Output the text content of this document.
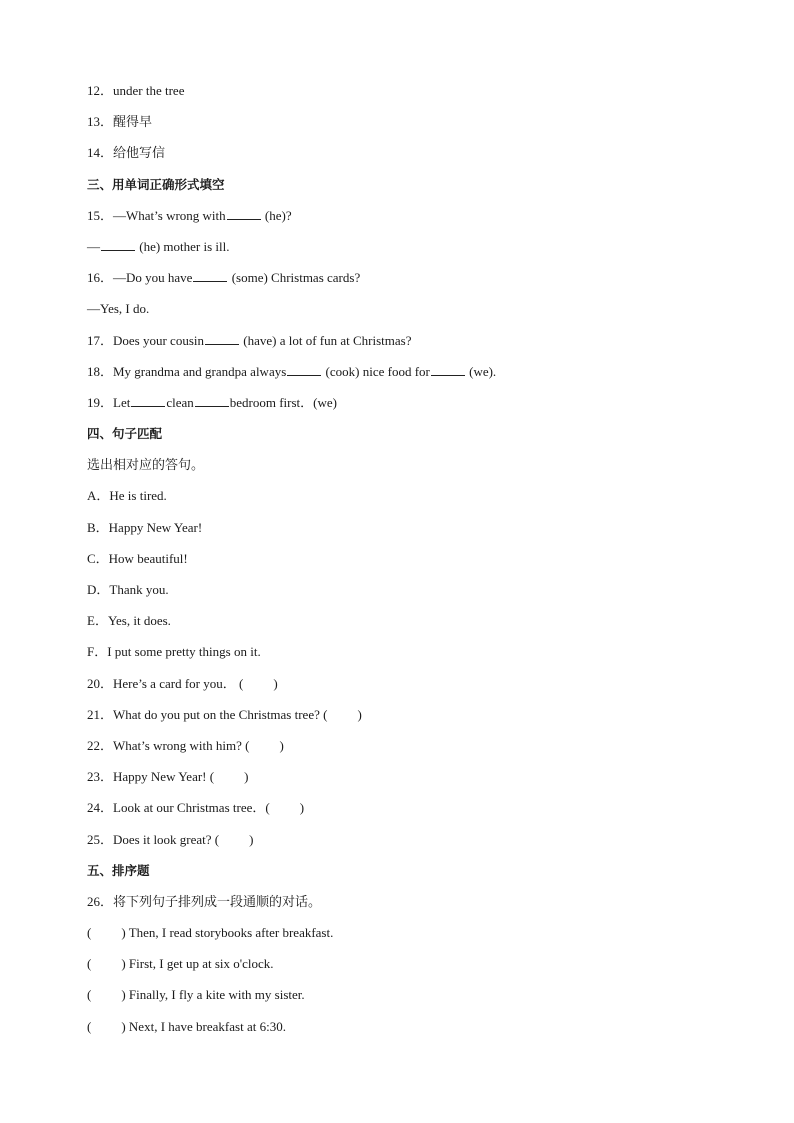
12．under the tree
13．醒得早
14．给他写信
三、用单词正确形式填空
15．—What’s wrong with	(he)?
—	(he) mother is ill.
16．—Do you have	(some) Christmas cards?
—Yes, I do.
17．Does your cousin	(have) a lot of fun at Christmas?
18．My grandma and grandpa always	(cook) nice food for	(we).
19．Let	clean	bedroom first．(we)
四、句子匹配
选出相对应的答句。
A．He is tired.
B．Happy New Year!
C．How beautiful!
D．Thank you.
E．Yes, it does.
F．I put some pretty things on it.
20．Here’s a card for you． ( )
21．What do you put on the Christmas tree? ( )
22．What’s wrong with him? ( )
23．Happy New Year! ( )
24．Look at our Christmas tree．( )
25．Does it look great? ( )
五、排序题
26．将下列句子排列成一段通顺的对话。
( ) Then, I read storybooks after breakfast.
( ) First, I get up at six o'clock.
( ) Finally, I fly a kite with my sister.
( ) Next, I have breakfast at 6:30.
